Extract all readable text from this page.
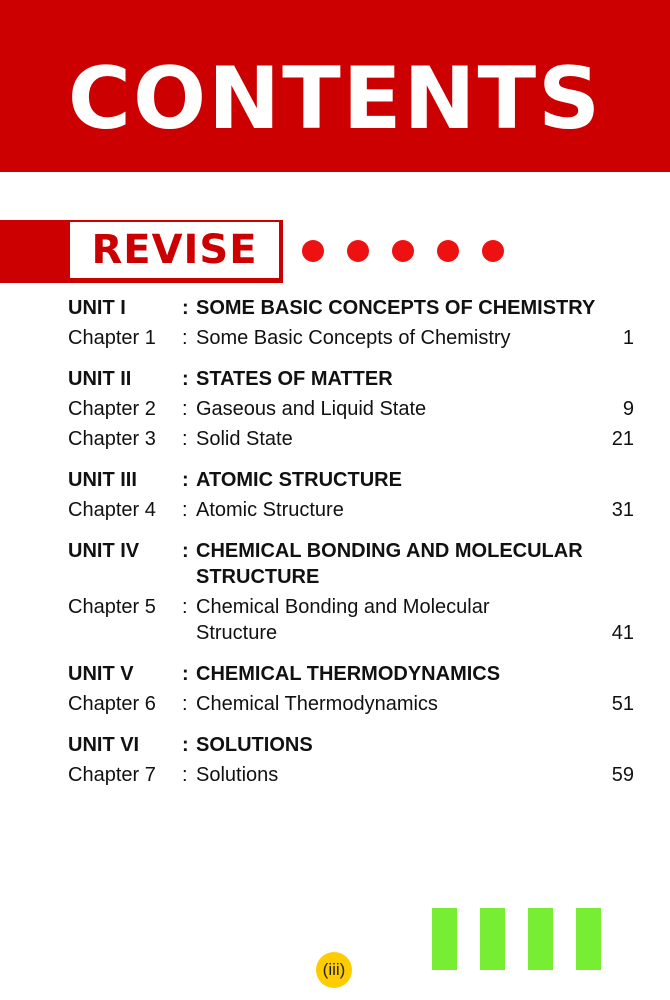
CONTENTS
REVISE
UNIT I	: SOME BASIC CONCEPTS OF CHEMISTRY
Chapter 1	: Some Basic Concepts of Chemistry	1
UNIT II	: STATES OF MATTER
Chapter 2	: Gaseous and Liquid State	9
Chapter 3	: Solid State	21
UNIT III	: ATOMIC STRUCTURE
Chapter 4	: Atomic Structure	31
UNIT IV	: CHEMICAL BONDING AND MOLECULAR
STRUCTURE
Chapter 5	: Chemical Bonding and Molecular
Structure	41
UNIT V	: CHEMICAL THERMODYNAMICS
Chapter 6	: Chemical Thermodynamics	51
UNIT VI	: SOLUTIONS
Chapter 7	: Solutions	59
(iii)
